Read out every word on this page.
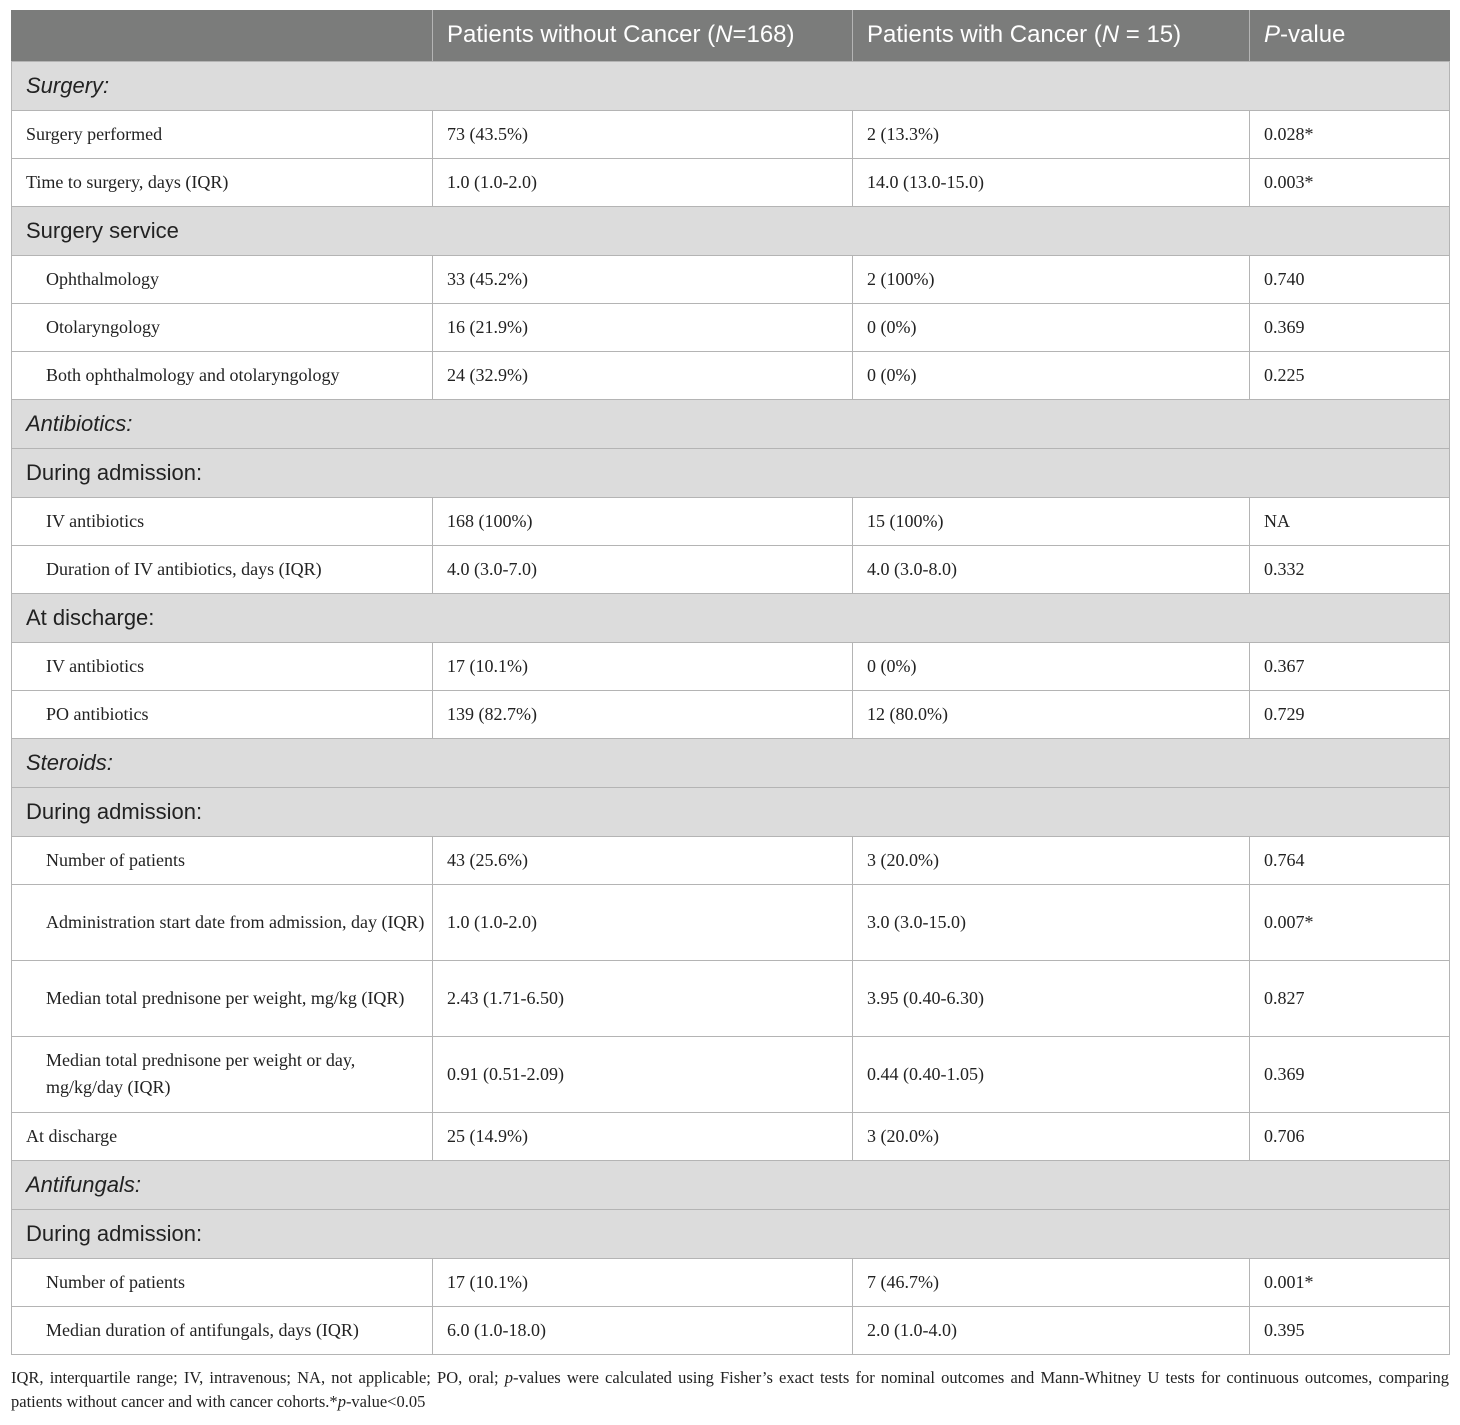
	Patients without Cancer (N=168)	Patients with Cancer (N = 15)	P-value
Surgery:			
Surgery performed	73 (43.5%)	2 (13.3%)	0.028*
Time to surgery, days (IQR)	1.0 (1.0-2.0)	14.0 (13.0-15.0)	0.003*
Surgery service			
Ophthalmology	33 (45.2%)	2 (100%)	0.740
Otolaryngology	16 (21.9%)	0 (0%)	0.369
Both ophthalmology and otolaryngology	24 (32.9%)	0 (0%)	0.225
Antibiotics:			
During admission:			
IV antibiotics	168 (100%)	15 (100%)	NA
Duration of IV antibiotics, days (IQR)	4.0 (3.0-7.0)	4.0 (3.0-8.0)	0.332
At discharge:			
IV antibiotics	17 (10.1%)	0 (0%)	0.367
PO antibiotics	139 (82.7%)	12 (80.0%)	0.729
Steroids:			
During admission:			
Number of patients	43 (25.6%)	3 (20.0%)	0.764
Administration start date from admission, day (IQR)	1.0 (1.0-2.0)	3.0 (3.0-15.0)	0.007*
Median total prednisone per weight, mg/kg (IQR)	2.43 (1.71-6.50)	3.95 (0.40-6.30)	0.827
Median total prednisone per weight or day, mg/kg/day (IQR)	0.91 (0.51-2.09)	0.44 (0.40-1.05)	0.369
At discharge	25 (14.9%)	3 (20.0%)	0.706
Antifungals:			
During admission:			
Number of patients	17 (10.1%)	7 (46.7%)	0.001*
Median duration of antifungals, days (IQR)	6.0 (1.0-18.0)	2.0 (1.0-4.0)	0.395
IQR, interquartile range; IV, intravenous; NA, not applicable; PO, oral; p-values were calculated using Fisher’s exact tests for nominal outcomes and Mann-Whitney U tests for continuous outcomes, comparing patients without cancer and with cancer cohorts.*p-value<0.05
